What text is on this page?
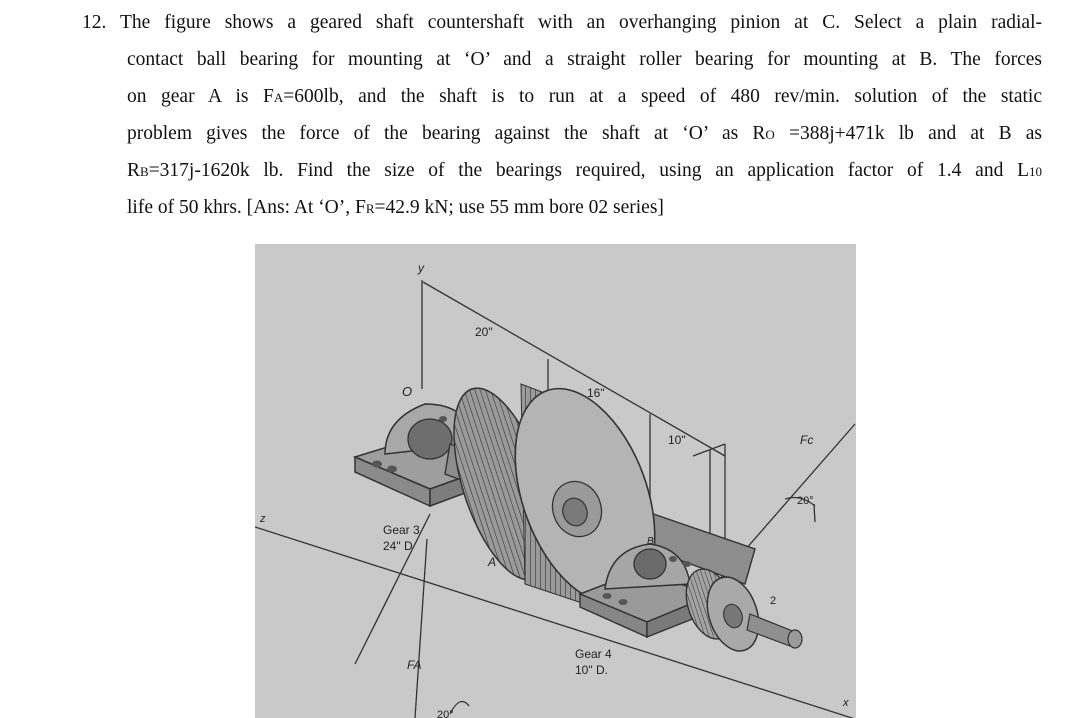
12. The figure shows a geared shaft countershaft with an overhanging pinion at C. Select a plain radial-
contact ball bearing for mounting at ‘O’ and a straight roller bearing for mounting at B. The forces
on gear A is FA=600lb, and the shaft is to run at a speed of 480 rev/min. solution of the static
problem gives the force of the bearing against the shaft at ‘O’ as RO =388j+471k lb and at B as
RB=317j-1620k lb. Find the size of the bearings required, using an application factor of 1.4 and L10
life of 50 khrs. [Ans: At ‘O’, FR=42.9 kN; use 55 mm bore 02 series]
y
O
20"
16"
10"	Fc
20°
Gear 3
24" D
A
B
FA
20°
Gear 4
10" D.
2
z
x
